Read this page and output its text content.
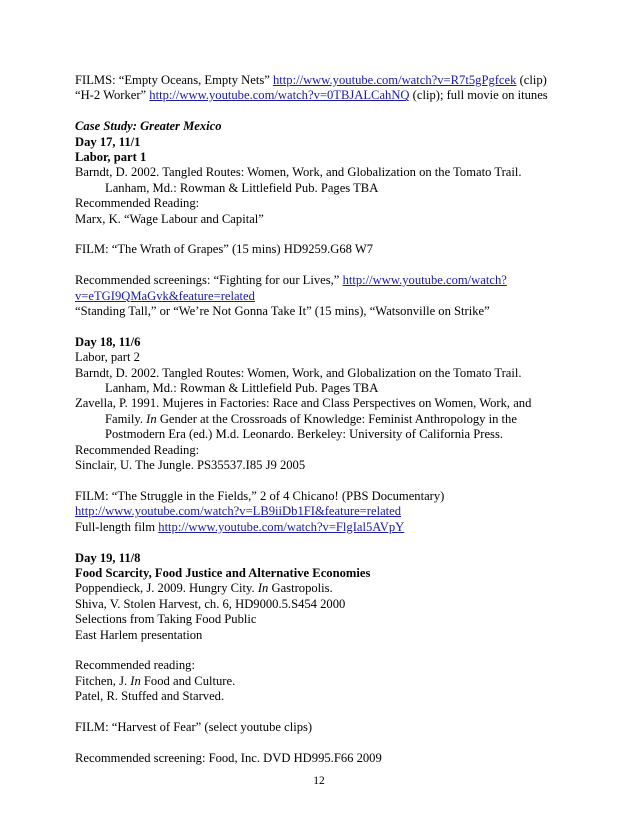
FILMS: “Empty Oceans, Empty Nets” http://www.youtube.com/watch?v=R7t5gPgfcek (clip)
“H-2 Worker” http://www.youtube.com/watch?v=0TBJALCahNQ (clip); full movie on itunes
Case Study: Greater Mexico
Day 17, 11/1
Labor, part 1
Barndt, D. 2002. Tangled Routes: Women, Work, and Globalization on the Tomato Trail.
Lanham, Md.: Rowman & Littlefield Pub. Pages TBA
Recommended Reading:
Marx, K. “Wage Labour and Capital”
FILM: “The Wrath of Grapes” (15 mins) HD9259.G68 W7
Recommended screenings: “Fighting for our Lives,” http://www.youtube.com/watch?
v=eTGI9QMaGvk&feature=related
“Standing Tall,” or “We’re Not Gonna Take It” (15 mins), “Watsonville on Strike”
Day 18, 11/6
Labor, part 2
Barndt, D. 2002. Tangled Routes: Women, Work, and Globalization on the Tomato Trail.
Lanham, Md.: Rowman & Littlefield Pub. Pages TBA
Zavella, P. 1991. Mujeres in Factories: Race and Class Perspectives on Women, Work, and
Family. In Gender at the Crossroads of Knowledge: Feminist Anthropology in the
Postmodern Era (ed.) M.d. Leonardo. Berkeley: University of California Press.
Recommended Reading:
Sinclair, U. The Jungle. PS35537.I85 J9 2005
FILM: “The Struggle in the Fields,” 2 of 4 Chicano! (PBS Documentary)
http://www.youtube.com/watch?v=LB9iiDb1FI&feature=related
Full-length film http://www.youtube.com/watch?v=FlgIal5AVpY
Day 19, 11/8
Food Scarcity, Food Justice and Alternative Economies
Poppendieck, J. 2009. Hungry City. In Gastropolis.
Shiva, V. Stolen Harvest, ch. 6, HD9000.5.S454 2000
Selections from Taking Food Public
East Harlem presentation
Recommended reading:
Fitchen, J. In Food and Culture.
Patel, R. Stuffed and Starved.
FILM: “Harvest of Fear” (select youtube clips)
Recommended screening: Food, Inc. DVD HD995.F66 2009
12
